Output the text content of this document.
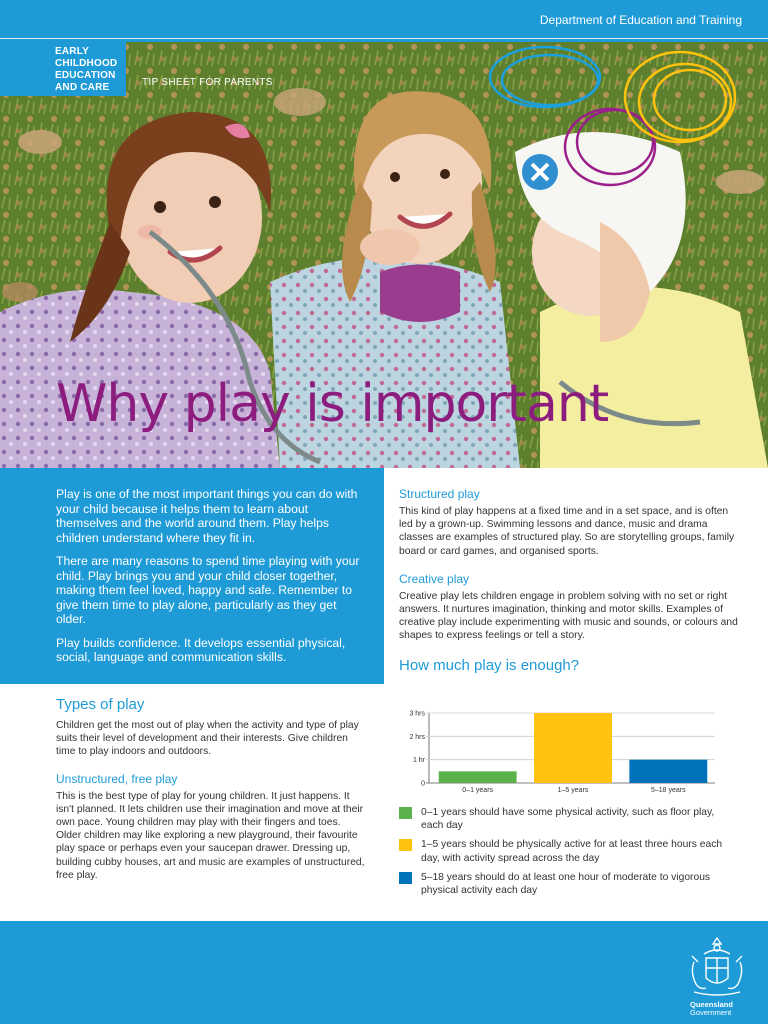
Department of Education and Training
EARLY
CHILDHOOD
EDUCATION
AND CARE	TIP SHEET FOR PARENTS
Why play is important

Play is one of the most important things you can do with your child because it helps them to learn about themselves and the world around them. Play helps children understand where they fit in.

There are many reasons to spend time playing with your child. Play brings you and your child closer together, making them feel loved, happy and safe. Remember to give them time to play alone, particularly as they get older.

Play builds confidence. It develops essential physical, social, language and communication skills.

Types of play

Children get the most out of play when the activity and type of play suits their level of development and their interests. Give children time to play indoors and outdoors.

Unstructured, free play

This is the best type of play for young children. It just happens. It isn't planned. It lets children use their imagination and move at their own pace. Young children may play with their fingers and toes. Older children may like exploring a new playground, their favourite play space or perhaps even your saucepan drawer. Dressing up, building cubby houses, art and music are examples of unstructured, free play.

Structured play

This kind of play happens at a fixed time and in a set space, and is often led by a grown-up. Swimming lessons and dance, music and drama classes are examples of structured play. So are storytelling groups, family board or card games, and organised sports.

Creative play

Creative play lets children engage in problem solving with no set or right answers. It nurtures imagination, thinking and motor skills. Examples of creative play include experimenting with music and sounds, or colours and shapes to express feelings or tell a story.

How much play is enough?
0
1 hr
2 hrs
3 hrs
0–1 years	1–5 years	5–18 years
0–1 years should have some physical activity, such as floor play, each day
1–5 years should be physically active for at least three hours each day, with activity spread across the day
5–18 years should do at least one hour of moderate to vigorous physical activity each day
Queensland
Government
